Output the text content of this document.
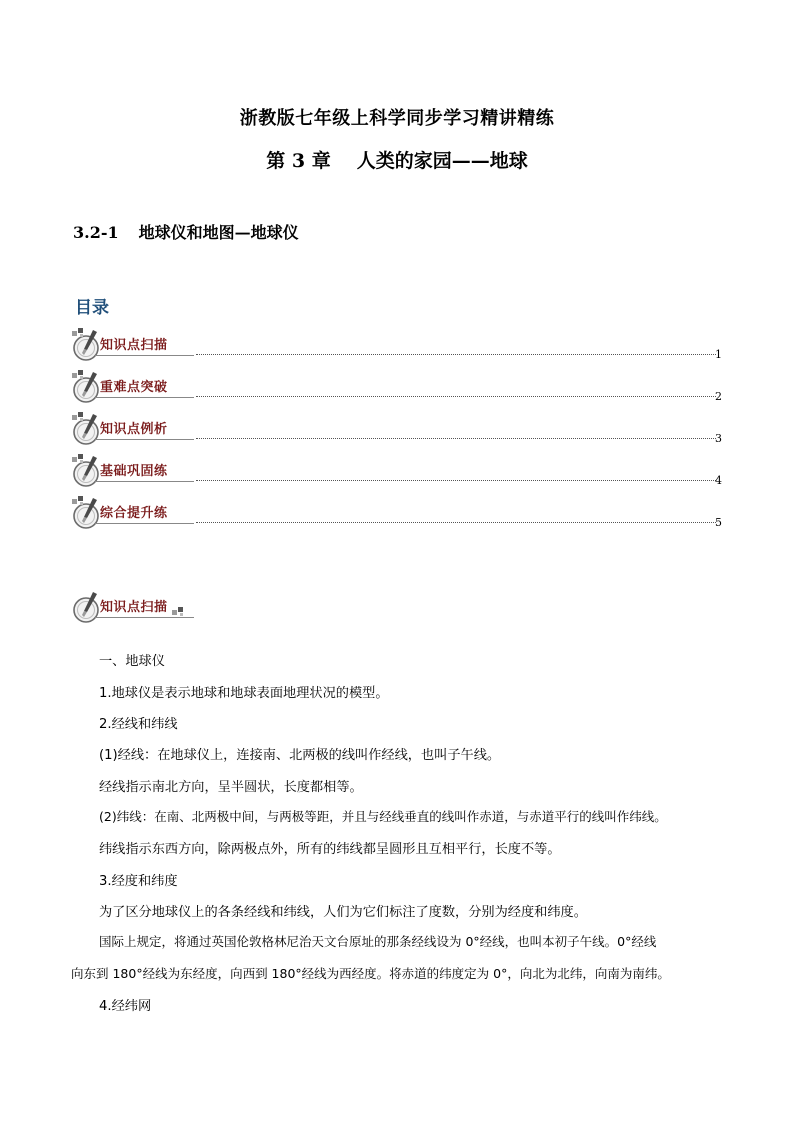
浙教版七年级上科学同步学习精讲精练
第 3 章 人类的家园——地球
3.2-1 地球仪和地图—地球仪
目录
知识点扫描
1
重难点突破
2
知识点例析
3
基础巩固练
4
综合提升练
5
知识点扫描
一、地球仪
1.地球仪是表示地球和地球表面地理状况的模型。
2.经线和纬线
(1)经线：在地球仪上，连接南、北两极的线叫作经线，也叫子午线。
经线指示南北方向，呈半圆状，长度都相等。
(2)纬线：在南、北两极中间，与两极等距，并且与经线垂直的线叫作赤道，与赤道平行的线叫作纬线。
纬线指示东西方向，除两极点外，所有的纬线都呈圆形且互相平行，长度不等。
3.经度和纬度
为了区分地球仪上的各条经线和纬线，人们为它们标注了度数，分别为经度和纬度。
国际上规定，将通过英国伦敦格林尼治天文台原址的那条经线设为 0°经线，也叫本初子午线。0°经线
向东到 180°经线为东经度，向西到 180°经线为西经度。将赤道的纬度定为 0°，向北为北纬，向南为南纬。
4.经纬网
